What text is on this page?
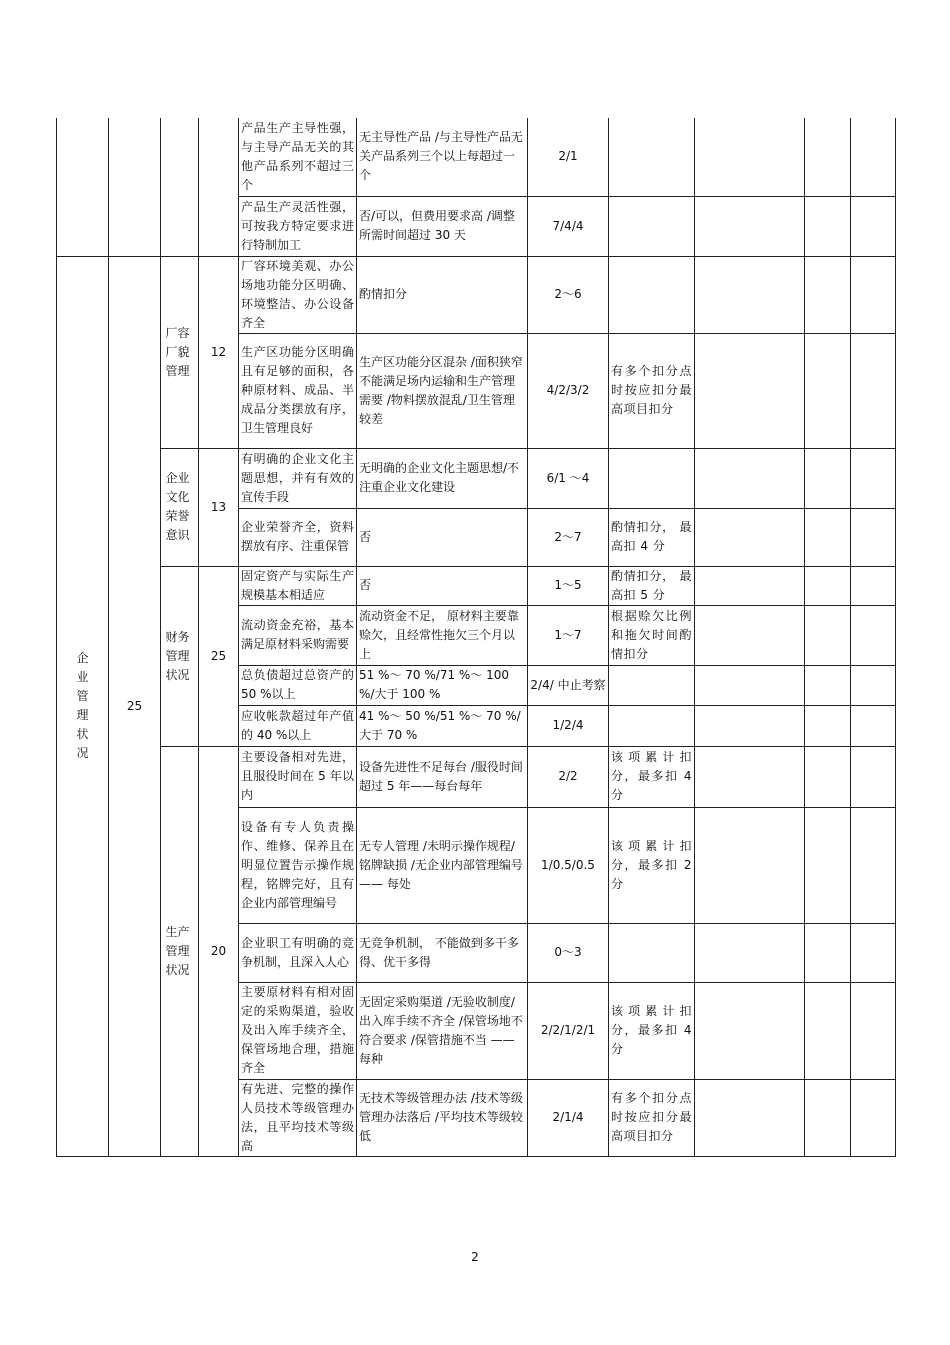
				产品生产主导性强，与主导产品无关的其他产品系列不超过三个	无主导性产品 /与主导性产品无关产品系列三个以上每超过一个	2/1				
				产品生产灵活性强，可按我方特定要求进行特制加工	否/可以，但费用要求高 /调整所需时间超过 30 天	7/4/4				
企业管理状况	25	厂容厂貌管理	12	厂容环境美观、办公场地功能分区明确、环境整洁、办公设备齐全	酌情扣分	2～6				
				生产区功能分区明确且有足够的面积，各种原材料、成品、半成品分类摆放有序，卫生管理良好	生产区功能分区混杂 /面积狭窄不能满足场内运输和生产管理需要 /物料摆放混乱/卫生管理较差	4/2/3/2	有多个扣分点时按应扣分最高项目扣分			
		企业文化荣誉意识	13	有明确的企业文化主题思想，并有有效的宣传手段	无明确的企业文化主题思想/不注重企业文化建设	6/1 ～4				
				企业荣誉齐全，资料摆放有序、注重保管	否	2～7	酌情扣分， 最高扣 4 分			
		财务管理状况	25	固定资产与实际生产规模基本相适应	否	1～5	酌情扣分， 最高扣 5 分			
				流动资金充裕，基本满足原材料采购需要	流动资金不足， 原材料主要靠赊欠，且经常性拖欠三个月以上	1～7	根据赊欠比例和拖欠时间酌情扣分			
				总负债超过总资产的 50 %以上	51 %～ 70 %/71 %～ 100 %/大于 100 %	2/4/ 中止考察				
				应收帐款超过年产值的 40 %以上	41 %～ 50 %/51 %～ 70 %/大于 70 %	1/2/4				
		生产管理状况	20	主要设备相对先进，且服役时间在 5 年以内	设备先进性不足每台 /服役时间超过 5 年——每台每年	2/2	该项累计扣分，最多扣 4 分			
				设备有专人负责操作、维修、保养且在明显位置告示操作规程，铭牌完好，且有企业内部管理编号	无专人管理 /未明示操作规程/铭牌缺损 /无企业内部管理编号 —— 每处	1/0.5/0.5	该项累计扣分，最多扣 2 分			
				企业职工有明确的竞争机制，且深入人心	无竞争机制， 不能做到多干多得、优干多得	0～3				
				主要原材料有相对固定的采购渠道，验收及出入库手续齐全，保管场地合理，措施齐全	无固定采购渠道 /无验收制度/出入库手续不齐全 /保管场地不符合要求 /保管措施不当 —— 每种	2/2/1/2/1	该项累计扣分，最多扣 4 分			
				有先进、完整的操作人员技术等级管理办法，且平均技术等级高	无技术等级管理办法 /技术等级管理办法落后 /平均技术等级较低	2/1/4	有多个扣分点时按应扣分最高项目扣分			
2
